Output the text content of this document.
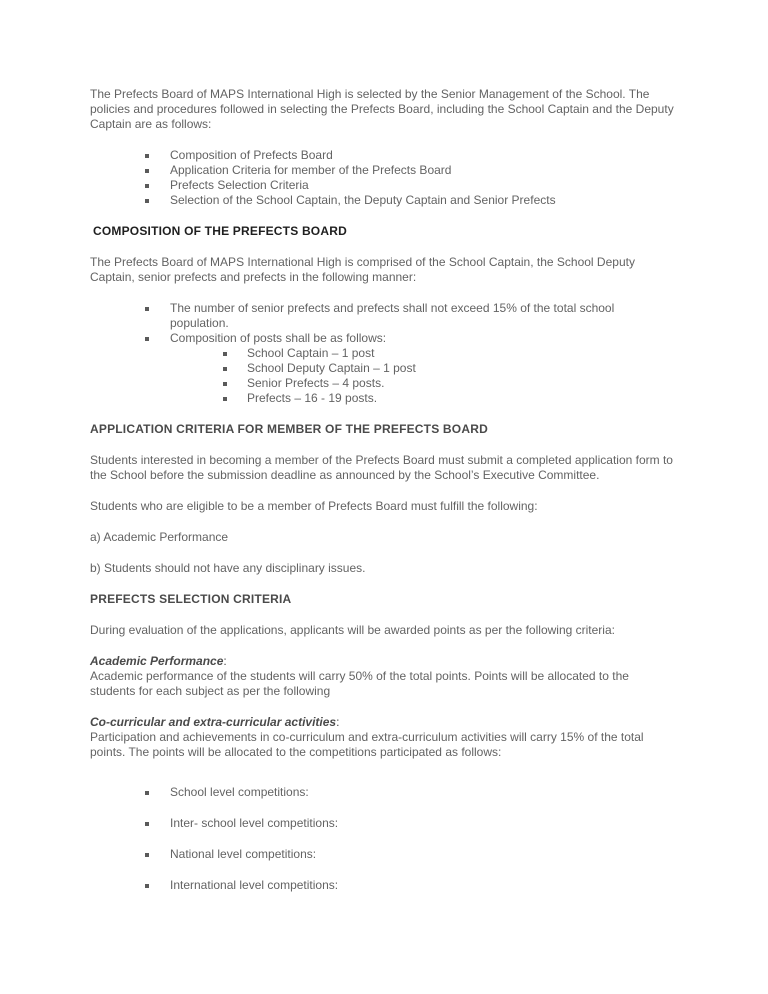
The Prefects Board of MAPS International High is selected by the Senior Management of the School. The policies and procedures followed in selecting the Prefects Board, including the School Captain and the Deputy Captain are as follows:

Composition of Prefects Board
Application Criteria for member of the Prefects Board
Prefects Selection Criteria
Selection of the School Captain, the Deputy Captain and Senior Prefects
COMPOSITION OF THE PREFECTS BOARD

The Prefects Board of MAPS International High is comprised of the School Captain, the School Deputy Captain, senior prefects and prefects in the following manner:

The number of senior prefects and prefects shall not exceed 15% of the total school population.
Composition of posts shall be as follows:
School Captain – 1 post
School Deputy Captain – 1 post
Senior Prefects – 4 posts.
Prefects – 16 - 19 posts.
APPLICATION CRITERIA FOR MEMBER OF THE PREFECTS BOARD

Students interested in becoming a member of the Prefects Board must submit a completed application form to the School before the submission deadline as announced by the School’s Executive Committee.

Students who are eligible to be a member of Prefects Board must fulfill the following:

a) Academic Performance

b) Students should not have any disciplinary issues.

PREFECTS SELECTION CRITERIA

During evaluation of the applications, applicants will be awarded points as per the following criteria:

Academic Performance:

Academic performance of the students will carry 50% of the total points. Points will be allocated to the students for each subject as per the following

Co-curricular and extra-curricular activities:

Participation and achievements in co-curriculum and extra-curriculum activities will carry 15% of the total points. The points will be allocated to the competitions participated as follows:

School level competitions:
Inter- school level competitions:
National level competitions:
International level competitions:
